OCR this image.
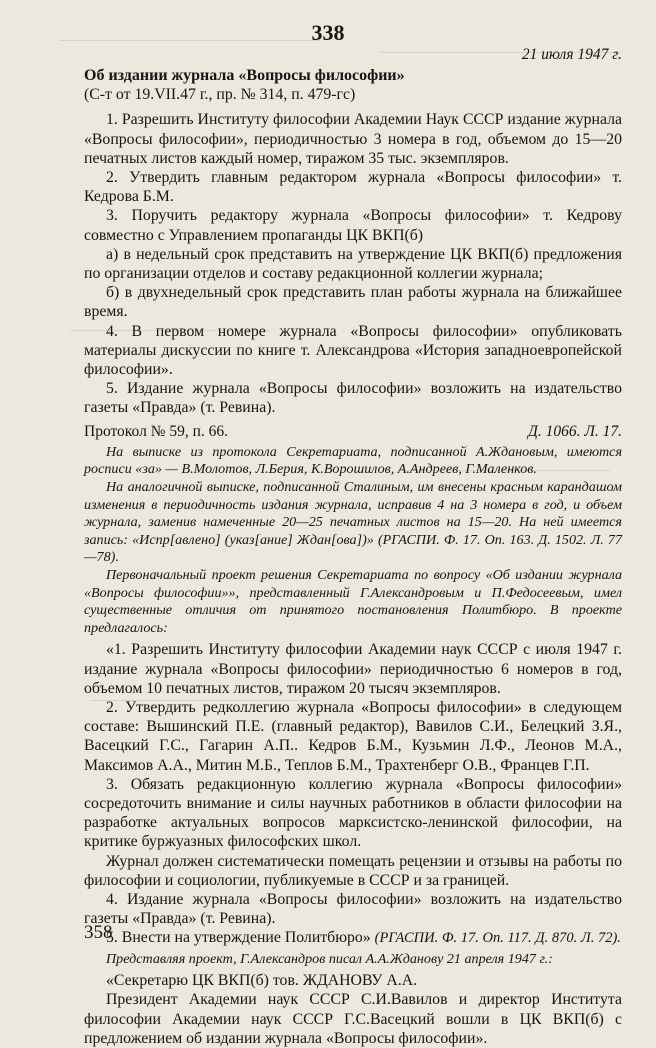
338
21 июля 1947 г.

Об издании журнала «Вопросы философии»

(С-т от 19.VII.47 г., пр. № 314, п. 479-гс)

1. Разрешить Институту философии Академии Наук СССР издание журнала «Вопросы философии», периодичностью 3 номера в год, объемом до 15—20 печатных листов каждый номер, тиражом 35 тыс. экземпляров.

2. Утвердить главным редактором журнала «Вопросы философии» т. Кедрова Б.М.

3. Поручить редактору журнала «Вопросы философии» т. Кедрову совместно с Управлением пропаганды ЦК ВКП(б)

а) в недельный срок представить на утверждение ЦК ВКП(б) предложения по организации отделов и составу редакционной коллегии журнала;

б) в двухнедельный срок представить план работы журнала на ближайшее время.

4. В первом номере журнала «Вопросы философии» опубликовать материалы дискуссии по книге т. Александрова «История западноевропейской философии».

5. Издание журнала «Вопросы философии» возложить на издательство газеты «Правда» (т. Ревина).

Протокол № 59, п. 66.	Д. 1066. Л. 17.

На выписке из протокола Секретариата, подписанной А.Ждановым, имеются росписи «за» — В.Молотов, Л.Берия, К.Ворошилов, А.Андреев, Г.Маленков.

На аналогичной выписке, подписанной Сталиным, им внесены красным карандашом изменения в периодичность издания журнала, исправив 4 на 3 номера в год, и объем журнала, заменив намеченные 20—25 печатных листов на 15—20. На ней имеется запись: «Испр[авлено] (указ[ание] Ждан[ова])» (РГАСПИ. Ф. 17. Оп. 163. Д. 1502. Л. 77—78).

Первоначальный проект решения Секретариата по вопросу «Об издании журнала «Вопросы философии»», представленный Г.Александровым и П.Федосеевым, имел существенные отличия от принятого постановления Политбюро. В проекте предлагалось:

«1. Разрешить Институту философии Академии наук СССР с июля 1947 г. издание журнала «Вопросы философии» периодичностью 6 номеров в год, объемом 10 печатных листов, тиражом 20 тысяч экземпляров.

2. Утвердить редколлегию журнала «Вопросы философии» в следующем составе: Вышинский П.Е. (главный редактор), Вавилов С.И., Белецкий З.Я., Васецкий Г.С., Гагарин А.П.. Кедров Б.М., Кузьмин Л.Ф., Леонов М.А., Максимов А.А., Митин М.Б., Теплов Б.М., Трахтенберг О.В., Францев Г.П.

3. Обязать редакционную коллегию журнала «Вопросы философии» сосредоточить внимание и силы научных работников в области философии на разработке актуальных вопросов марксистско-ленинской философии, на критике буржуазных философских школ.

Журнал должен систематически помещать рецензии и отзывы на работы по философии и социологии, публикуемые в СССР и за границей.

4. Издание журнала «Вопросы философии» возложить на издательство газеты «Правда» (т. Ревина).

5. Внести на утверждение Политбюро» (РГАСПИ. Ф. 17. Оп. 117. Д. 870. Л. 72).

Представляя проект, Г.Александров писал А.А.Жданову 21 апреля 1947 г.:

«Секретарю ЦК ВКП(б) тов. ЖДАНОВУ А.А.

Президент Академии наук СССР С.И.Вавилов и директор Института философии Академии наук СССР Г.С.Васецкий вошли в ЦК ВКП(б) с предложением об издании журнала «Вопросы философии».

358
